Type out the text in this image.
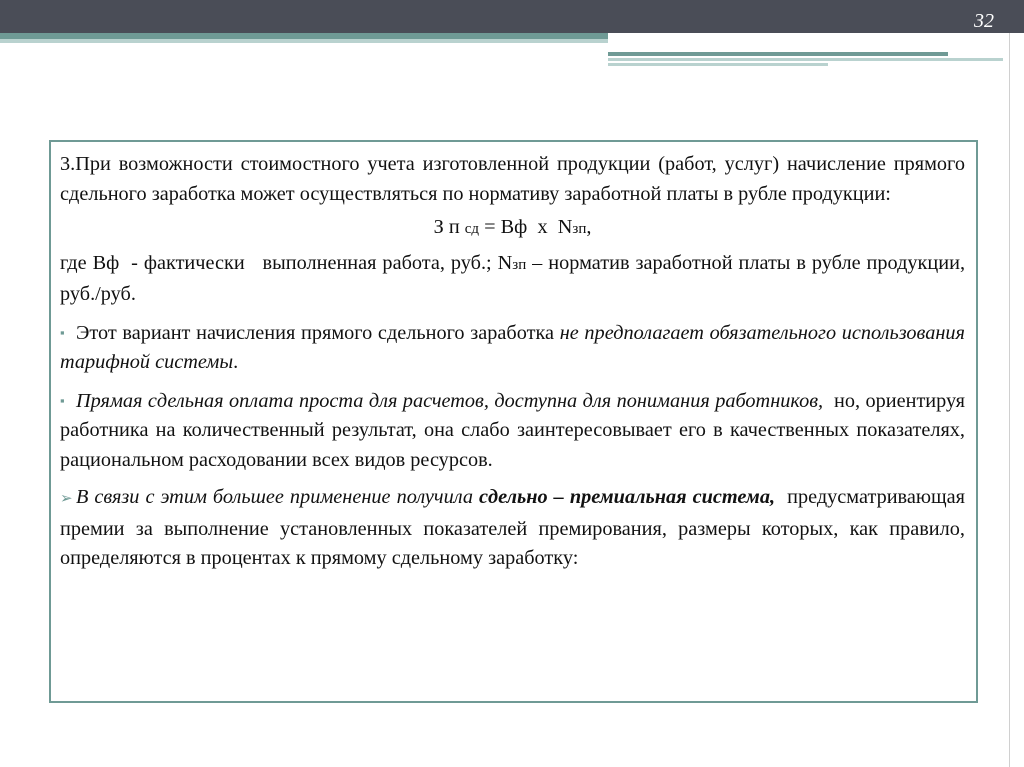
32

3.При возможности стоимостного учета изготовленной продукции (работ, услуг) начисление прямого сдельного заработка может осуществляться по нормативу заработной платы в рубле продукции:

З п сд = Вф х Nзп,

где Вф - фактически выполненная работа, руб.; Nзп – норматив заработной платы в рубле продукции, руб./руб.

▪ Этот вариант начисления прямого сдельного заработка не предполагает обязательного использования тарифной системы.

▪ Прямая сдельная оплата проста для расчетов, доступна для понимания работников, но, ориентируя работника на количественный результат, она слабо заинтересовывает его в качественных показателях, рациональном расходовании всех видов ресурсов.

➢ В связи с этим большее применение получила сдельно – премиальная система, предусматривающая премии за выполнение установленных показателей премирования, размеры которых, как правило, определяются в процентах к прямому сдельному заработку:
